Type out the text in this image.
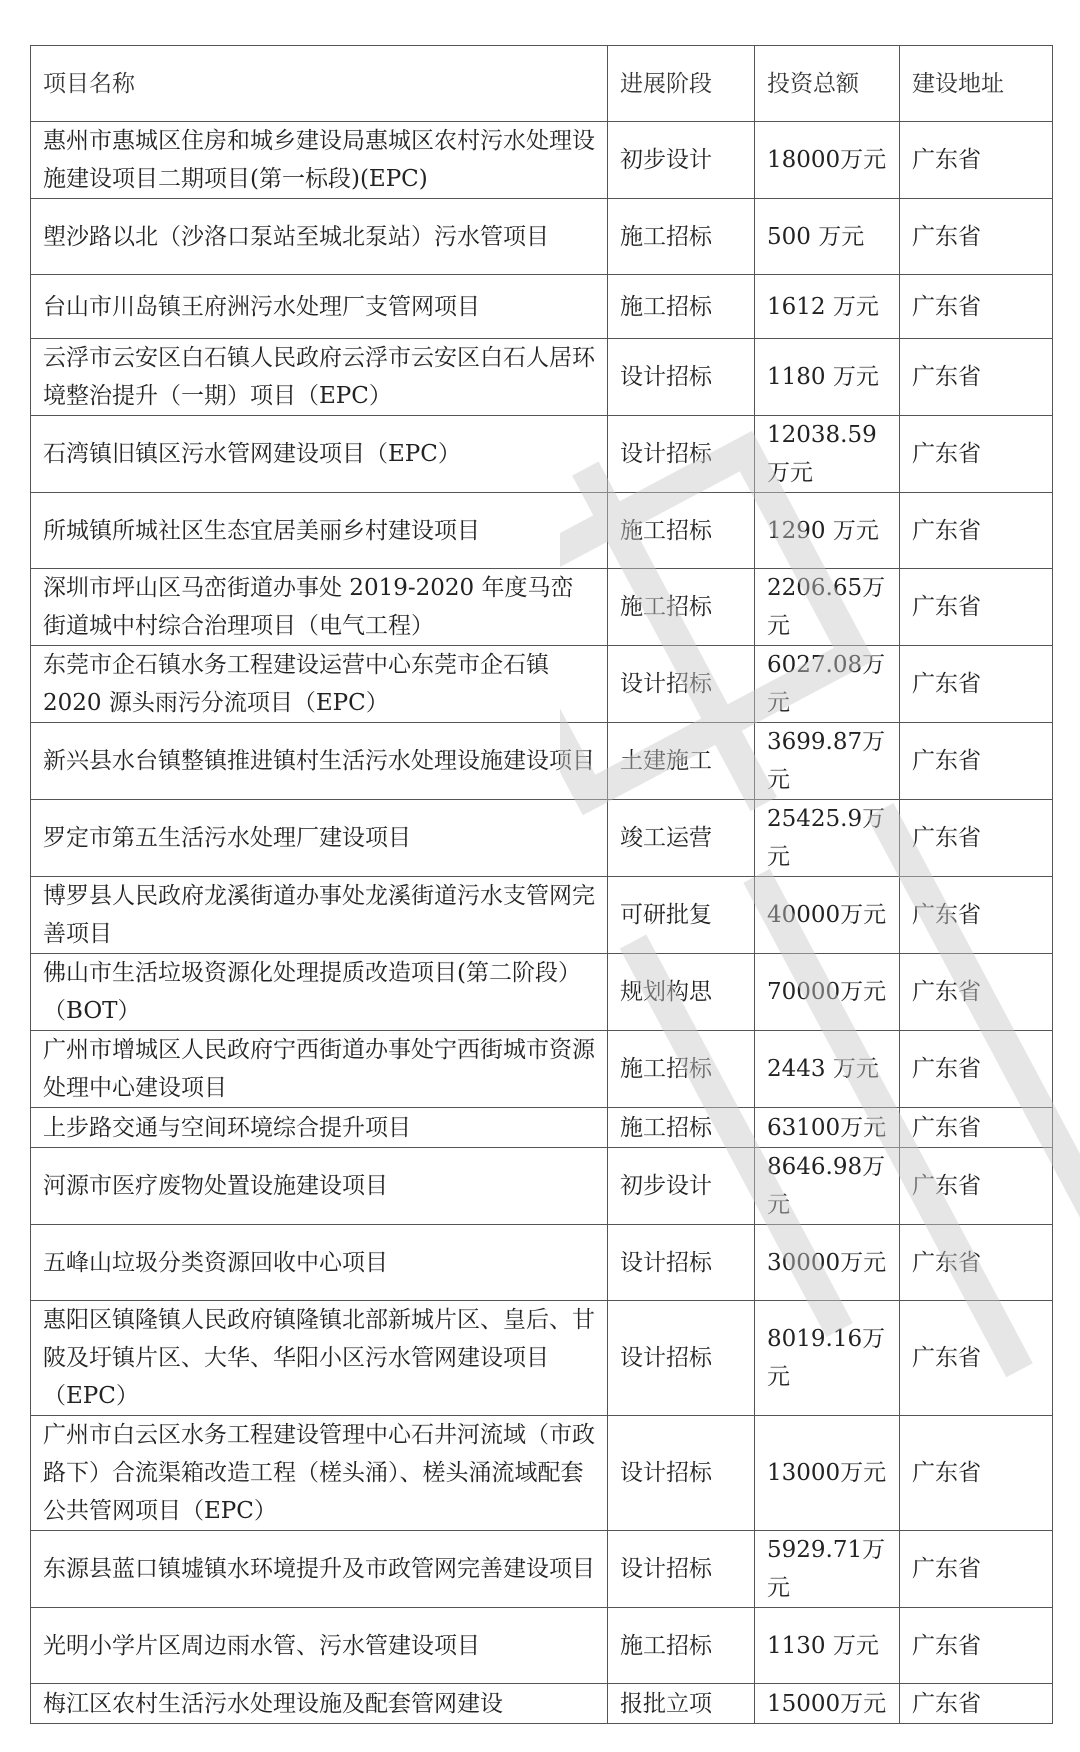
项目名称	进展阶段	投资总额	建设地址
惠州市惠城区住房和城乡建设局惠城区农村污水处理设施建设项目二期项目(第一标段)(EPC)	初步设计	18000万元	广东省
塱沙路以北（沙洛口泵站至城北泵站）污水管项目	施工招标	500 万元	广东省
台山市川岛镇王府洲污水处理厂支管网项目	施工招标	1612 万元	广东省
云浮市云安区白石镇人民政府云浮市云安区白石人居环境整治提升（一期）项目（EPC）	设计招标	1180 万元	广东省
石湾镇旧镇区污水管网建设项目（EPC）	设计招标	12038.59万元	广东省
所城镇所城社区生态宜居美丽乡村建设项目	施工招标	1290 万元	广东省
深圳市坪山区马峦街道办事处 2019-2020 年度马峦街道城中村综合治理项目（电气工程）	施工招标	2206.65万元	广东省
东莞市企石镇水务工程建设运营中心东莞市企石镇 2020 源头雨污分流项目（EPC）	设计招标	6027.08万元	广东省
新兴县水台镇整镇推进镇村生活污水处理设施建设项目	土建施工	3699.87万元	广东省
罗定市第五生活污水处理厂建设项目	竣工运营	25425.9万元	广东省
博罗县人民政府龙溪街道办事处龙溪街道污水支管网完善项目	可研批复	40000万元	广东省
佛山市生活垃圾资源化处理提质改造项目(第二阶段）（BOT）	规划构思	70000万元	广东省
广州市增城区人民政府宁西街道办事处宁西街城市资源处理中心建设项目	施工招标	2443 万元	广东省
上步路交通与空间环境综合提升项目	施工招标	63100万元	广东省
河源市医疗废物处置设施建设项目	初步设计	8646.98万元	广东省
五峰山垃圾分类资源回收中心项目	设计招标	30000万元	广东省
惠阳区镇隆镇人民政府镇隆镇北部新城片区、皇后、甘陂及圩镇片区、大华、华阳小区污水管网建设项目（EPC）	设计招标	8019.16万元	广东省
广州市白云区水务工程建设管理中心石井河流域（市政路下）合流渠箱改造工程（槎头涌）、槎头涌流域配套公共管网项目（EPC）	设计招标	13000万元	广东省
东源县蓝口镇墟镇水环境提升及市政管网完善建设项目	设计招标	5929.71万元	广东省
光明小学片区周边雨水管、污水管建设项目	施工招标	1130 万元	广东省
梅江区农村生活污水处理设施及配套管网建设	报批立项	15000万元	广东省
